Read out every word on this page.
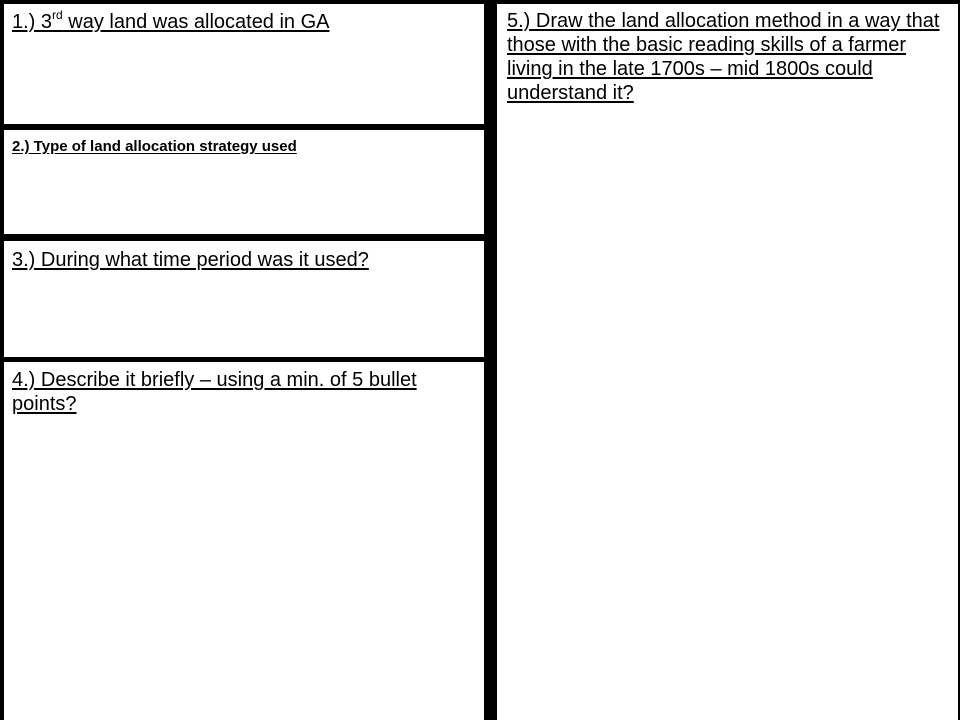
1.) 3rd way land was allocated in GA

2.) Type of land allocation strategy used

3.) During what time period was it used?

4.) Describe it briefly – using a min. of 5 bullet points?

5.) Draw the land allocation method in a way that those with the basic reading skills of a farmer living in the late 1700s – mid 1800s could understand it?
